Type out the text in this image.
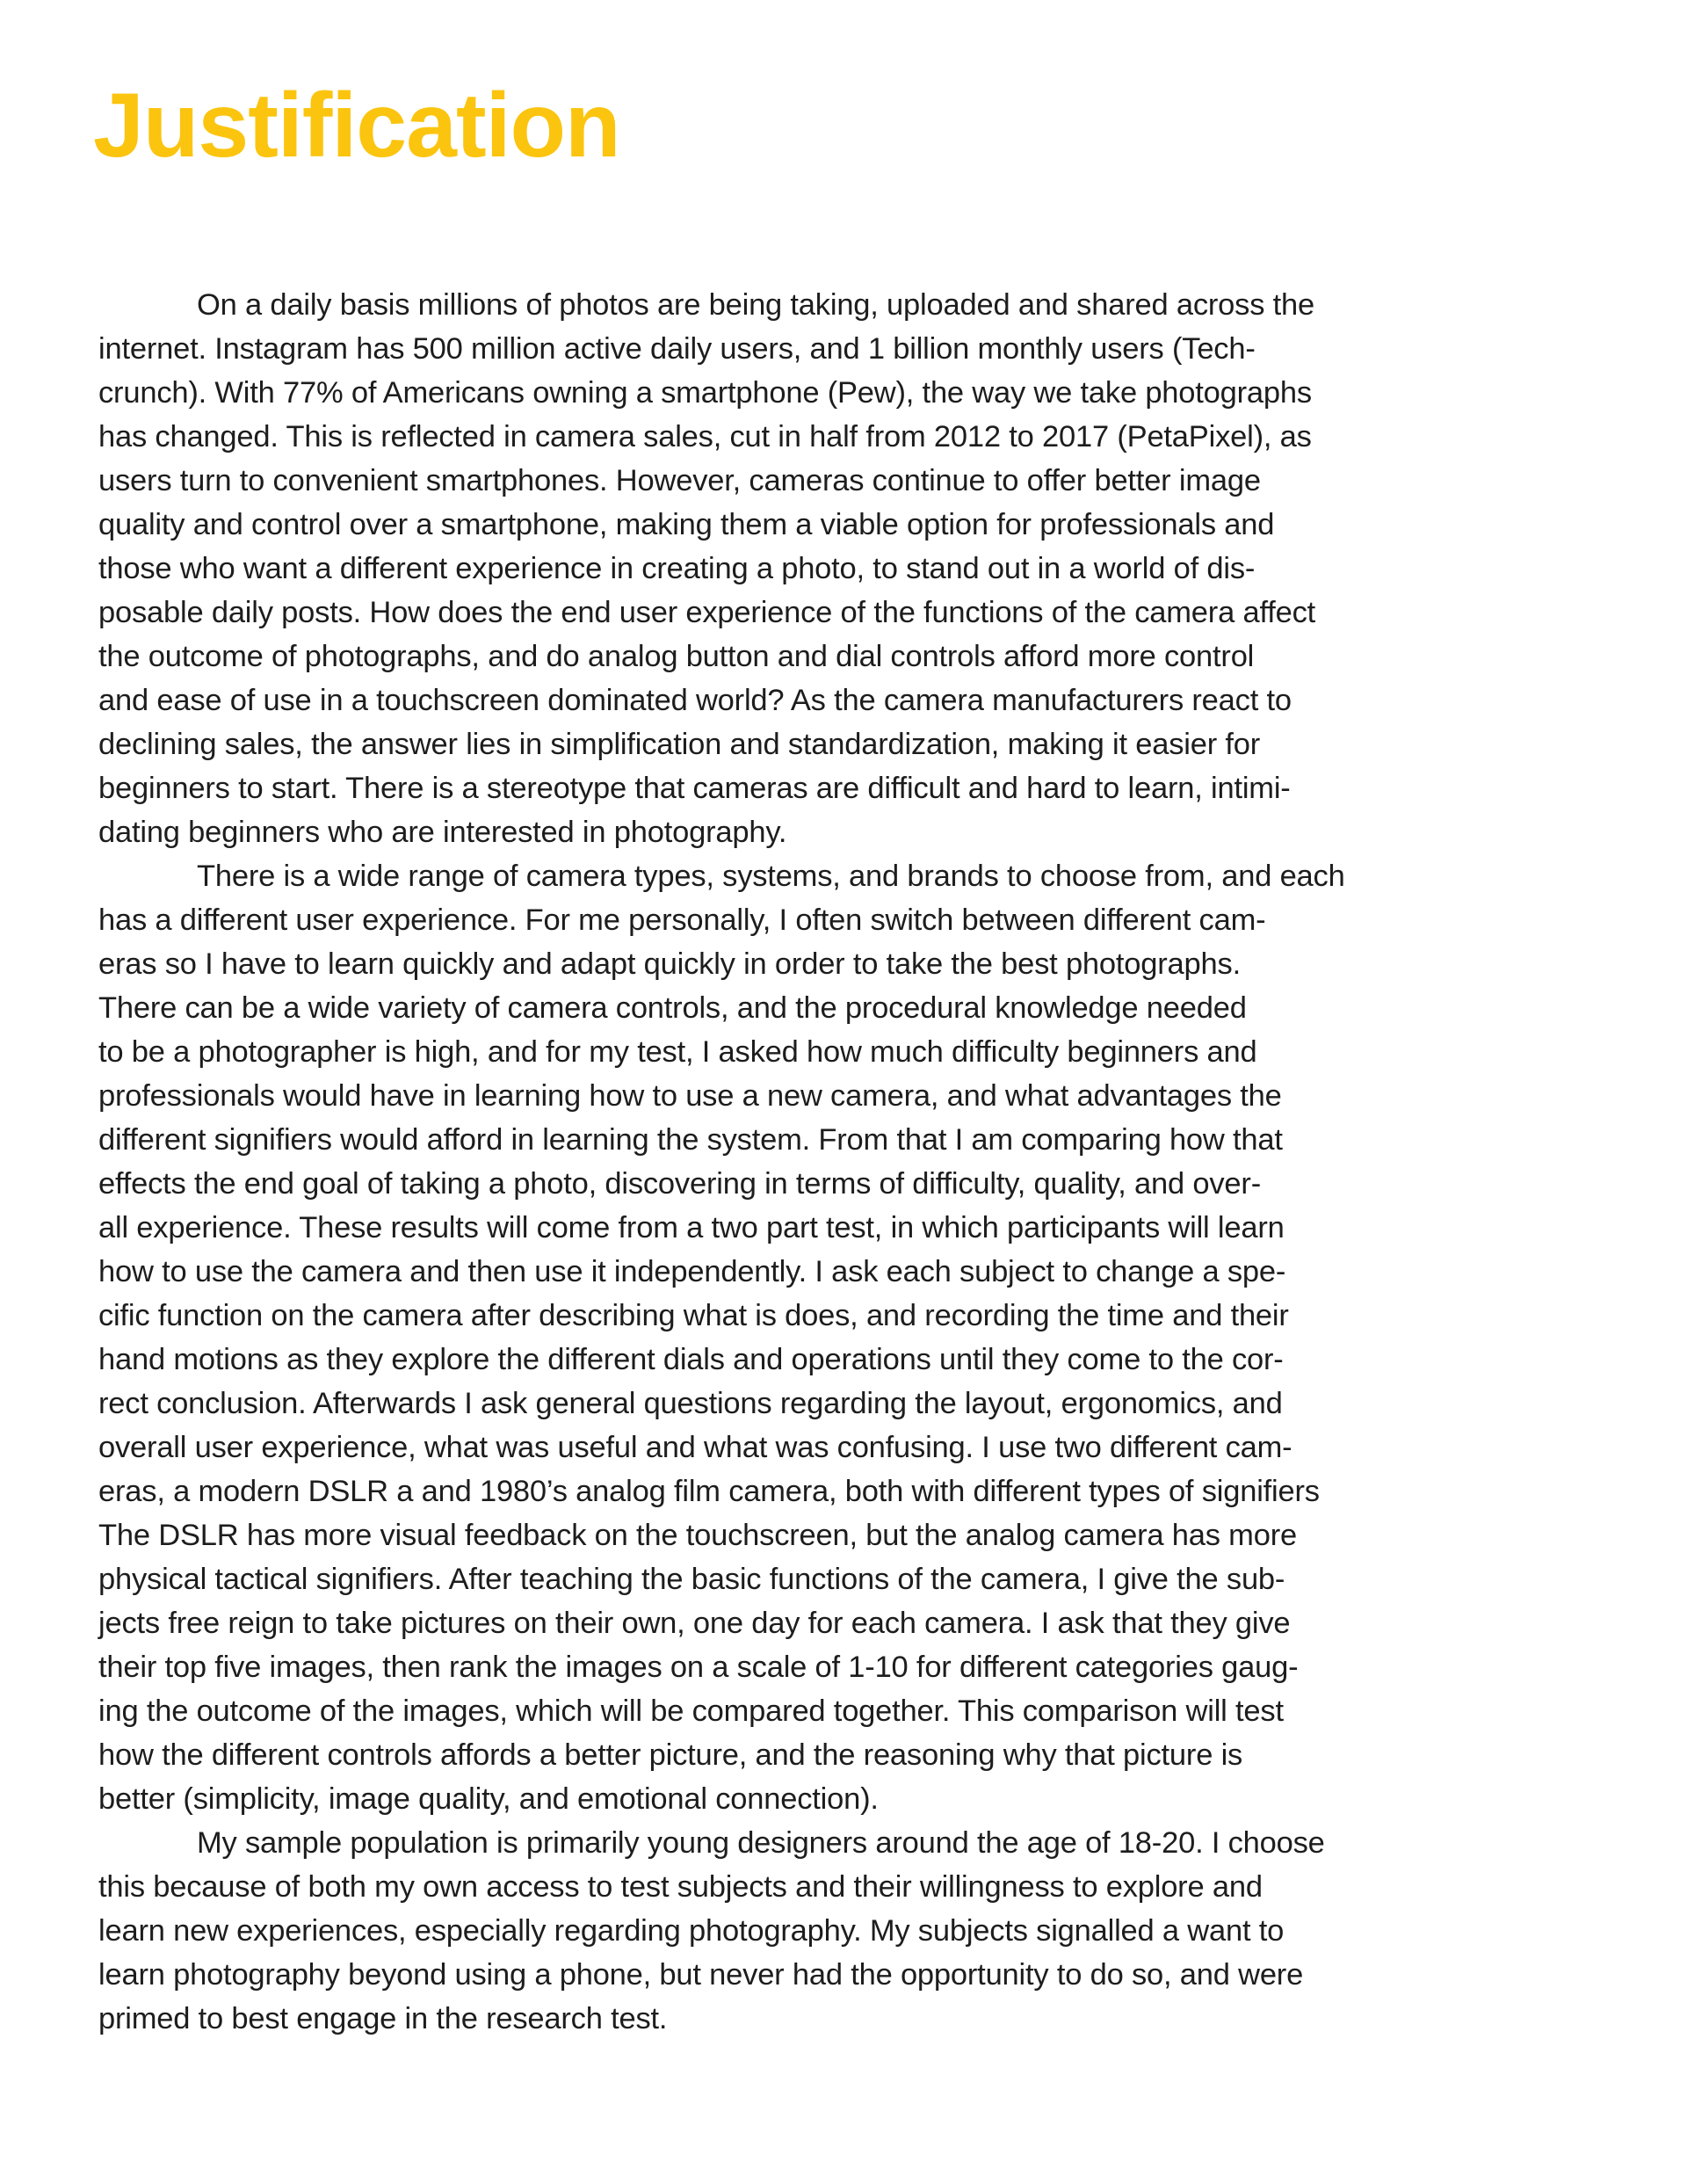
Justification

On a daily basis millions of photos are being taking, uploaded and shared across the
internet. Instagram has 500 million active daily users, and 1 billion monthly users (Tech-
crunch). With 77% of Americans owning a smartphone (Pew), the way we take photographs
has changed. This is reflected in camera sales, cut in half from 2012 to 2017 (PetaPixel), as
users turn to convenient smartphones. However, cameras continue to offer better image
quality and control over a smartphone, making them a viable option for professionals and
those who want a different experience in creating a photo, to stand out in a world of dis-
posable daily posts. How does the end user experience of the functions of the camera affect
the outcome of photographs, and do analog button and dial controls afford more control
and ease of use in a touchscreen dominated world? As the camera manufacturers react to
declining sales, the answer lies in simplification and standardization, making it easier for
beginners to start. There is a stereotype that cameras are difficult and hard to learn, intimi-
dating beginners who are interested in photography.

There is a wide range of camera types, systems, and brands to choose from, and each
has a different user experience. For me personally, I often switch between different cam-
eras so I have to learn quickly and adapt quickly in order to take the best photographs.
There can be a wide variety of camera controls, and the procedural knowledge needed
to be a photographer is high, and for my test, I asked how much difficulty beginners and
professionals would have in learning how to use a new camera, and what advantages the
different signifiers would afford in learning the system. From that I am comparing how that
effects the end goal of taking a photo, discovering in terms of difficulty, quality, and over-
all experience. These results will come from a two part test, in which participants will learn
how to use the camera and then use it independently. I ask each subject to change a spe-
cific function on the camera after describing what is does, and recording the time and their
hand motions as they explore the different dials and operations until they come to the cor-
rect conclusion. Afterwards I ask general questions regarding the layout, ergonomics, and
overall user experience, what was useful and what was confusing. I use two different cam-
eras, a modern DSLR a and 1980’s analog film camera, both with different types of signifiers
The DSLR has more visual feedback on the touchscreen, but the analog camera has more
physical tactical signifiers. After teaching the basic functions of the camera, I give the sub-
jects free reign to take pictures on their own, one day for each camera. I ask that they give
their top five images, then rank the images on a scale of 1-10 for different categories gaug-
ing the outcome of the images, which will be compared together. This comparison will test
how the different controls affords a better picture, and the reasoning why that picture is
better (simplicity, image quality, and emotional connection).

My sample population is primarily young designers around the age of 18-20. I choose
this because of both my own access to test subjects and their willingness to explore and
learn new experiences, especially regarding photography. My subjects signalled a want to
learn photography beyond using a phone, but never had the opportunity to do so, and were
primed to best engage in the research test.
